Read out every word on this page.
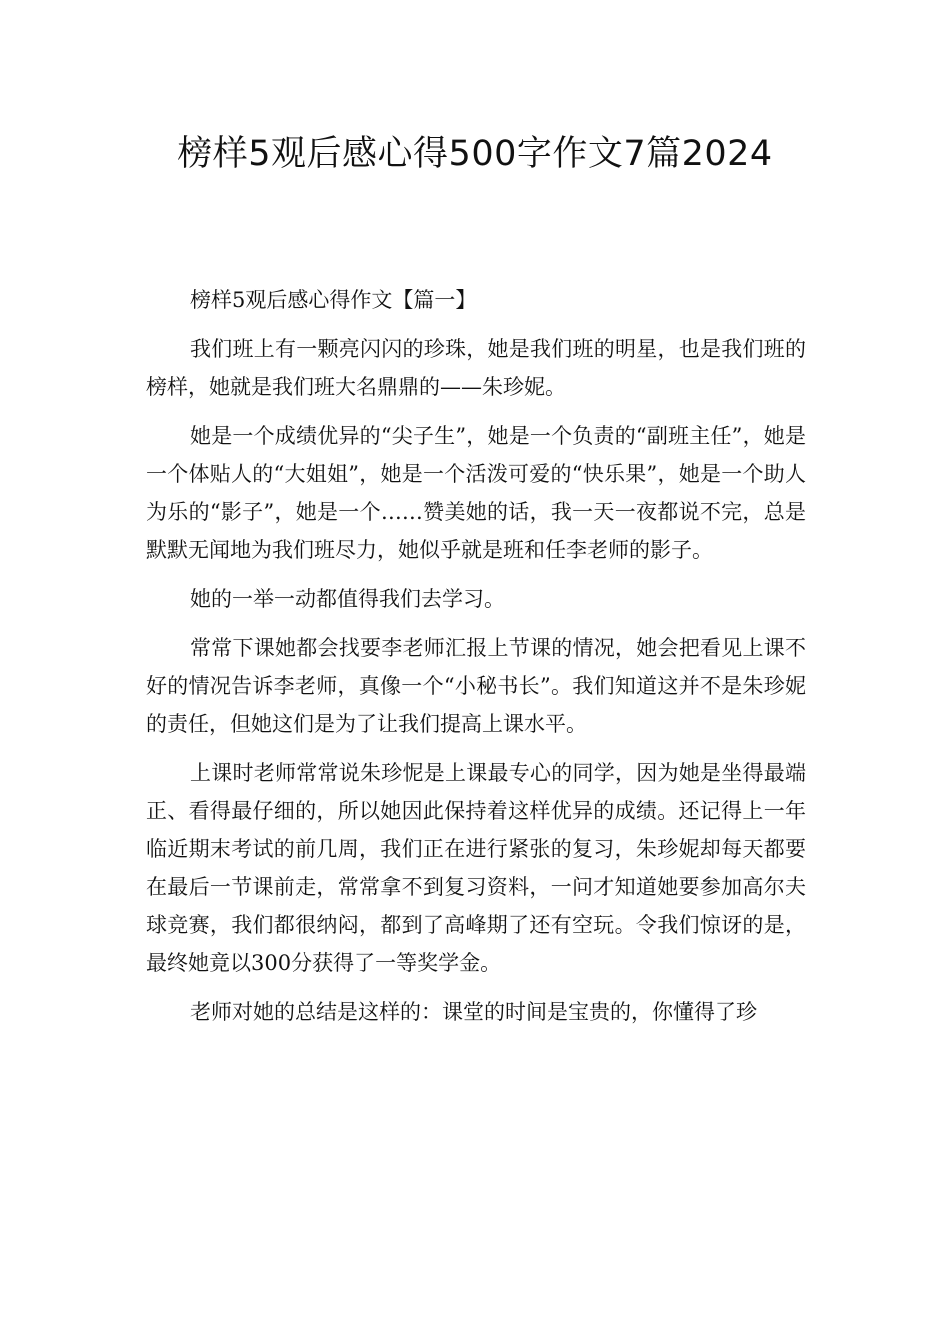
榜样5观后感心得500字作文7篇2024

榜样5观后感心得作文【篇一】

我们班上有一颗亮闪闪的珍珠，她是我们班的明星，也是我们班的榜样，她就是我们班大名鼎鼎的——朱珍妮。

她是一个成绩优异的“尖子生”，她是一个负责的“副班主任”，她是一个体贴人的“大姐姐”，她是一个活泼可爱的“快乐果”，她是一个助人为乐的“影子”，她是一个……赞美她的话，我一天一夜都说不完，总是默默无闻地为我们班尽力，她似乎就是班和任李老师的影子。

她的一举一动都值得我们去学习。

常常下课她都会找要李老师汇报上节课的情况，她会把看见上课不好的情况告诉李老师，真像一个“小秘书长”。我们知道这并不是朱珍妮的责任，但她这们是为了让我们提高上课水平。

上课时老师常常说朱珍怩是上课最专心的同学，因为她是坐得最端正、看得最仔细的，所以她因此保持着这样优异的成绩。还记得上一年临近期末考试的前几周，我们正在进行紧张的复习，朱珍妮却每天都要在最后一节课前走，常常拿不到复习资料，一问才知道她要参加高尔夫球竞赛，我们都很纳闷，都到了高峰期了还有空玩。令我们惊讶的是，最终她竟以300分获得了一等奖学金。

老师对她的总结是这样的：课堂的时间是宝贵的，你懂得了珍
